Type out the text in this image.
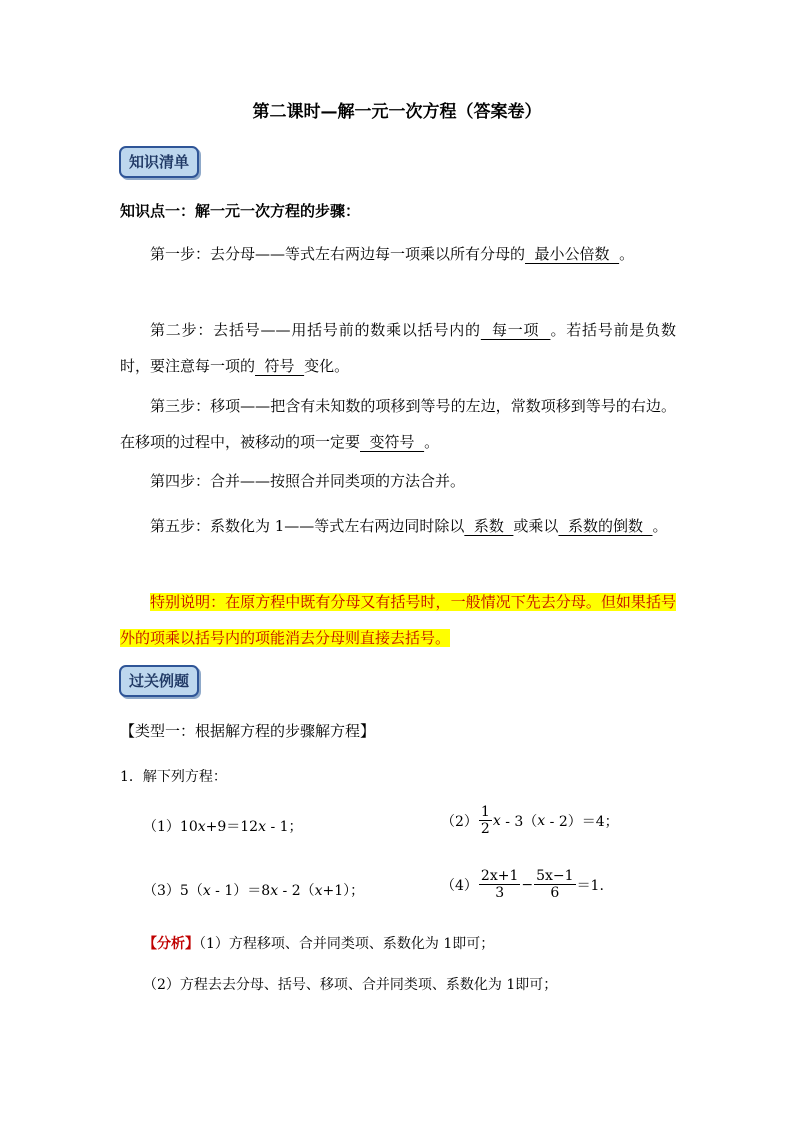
第二课时—解一元一次方程（答案卷）
知识清单
知识点一：解一元一次方程的步骤：
第一步：去分母——等式左右两边每一项乘以所有分母的  最小公倍数  。
第二步：去括号——用括号前的数乘以括号内的  每一项  。若括号前是负数时，要注意每一项的  符号  变化。
第三步：移项——把含有未知数的项移到等号的左边，常数项移到等号的右边。在移项的过程中，被移动的项一定要  变符号  。
第四步：合并——按照合并同类项的方法合并。
第五步：系数化为 1——等式左右两边同时除以  系数  或乘以  系数的倒数  。
特别说明：在原方程中既有分母又有括号时，一般情况下先去分母。但如果括号外的项乘以括号内的项能消去分母则直接去括号。
过关例题
【类型一：根据解方程的步骤解方程】
1．解下列方程：
（1）10x+9＝12x - 1；	$(2) \frac{1}{2}$ x - 3（x - 2）＝4；
（3）5（x - 1）＝8x - 2（x+1）；	$(4) \frac{2x+1}{3} - \frac{5x-1}{6} =1$.
【分析】（1）方程移项、合并同类项、系数化为 1即可；
（2）方程去去分母、括号、移项、合并同类项、系数化为 1即可；
